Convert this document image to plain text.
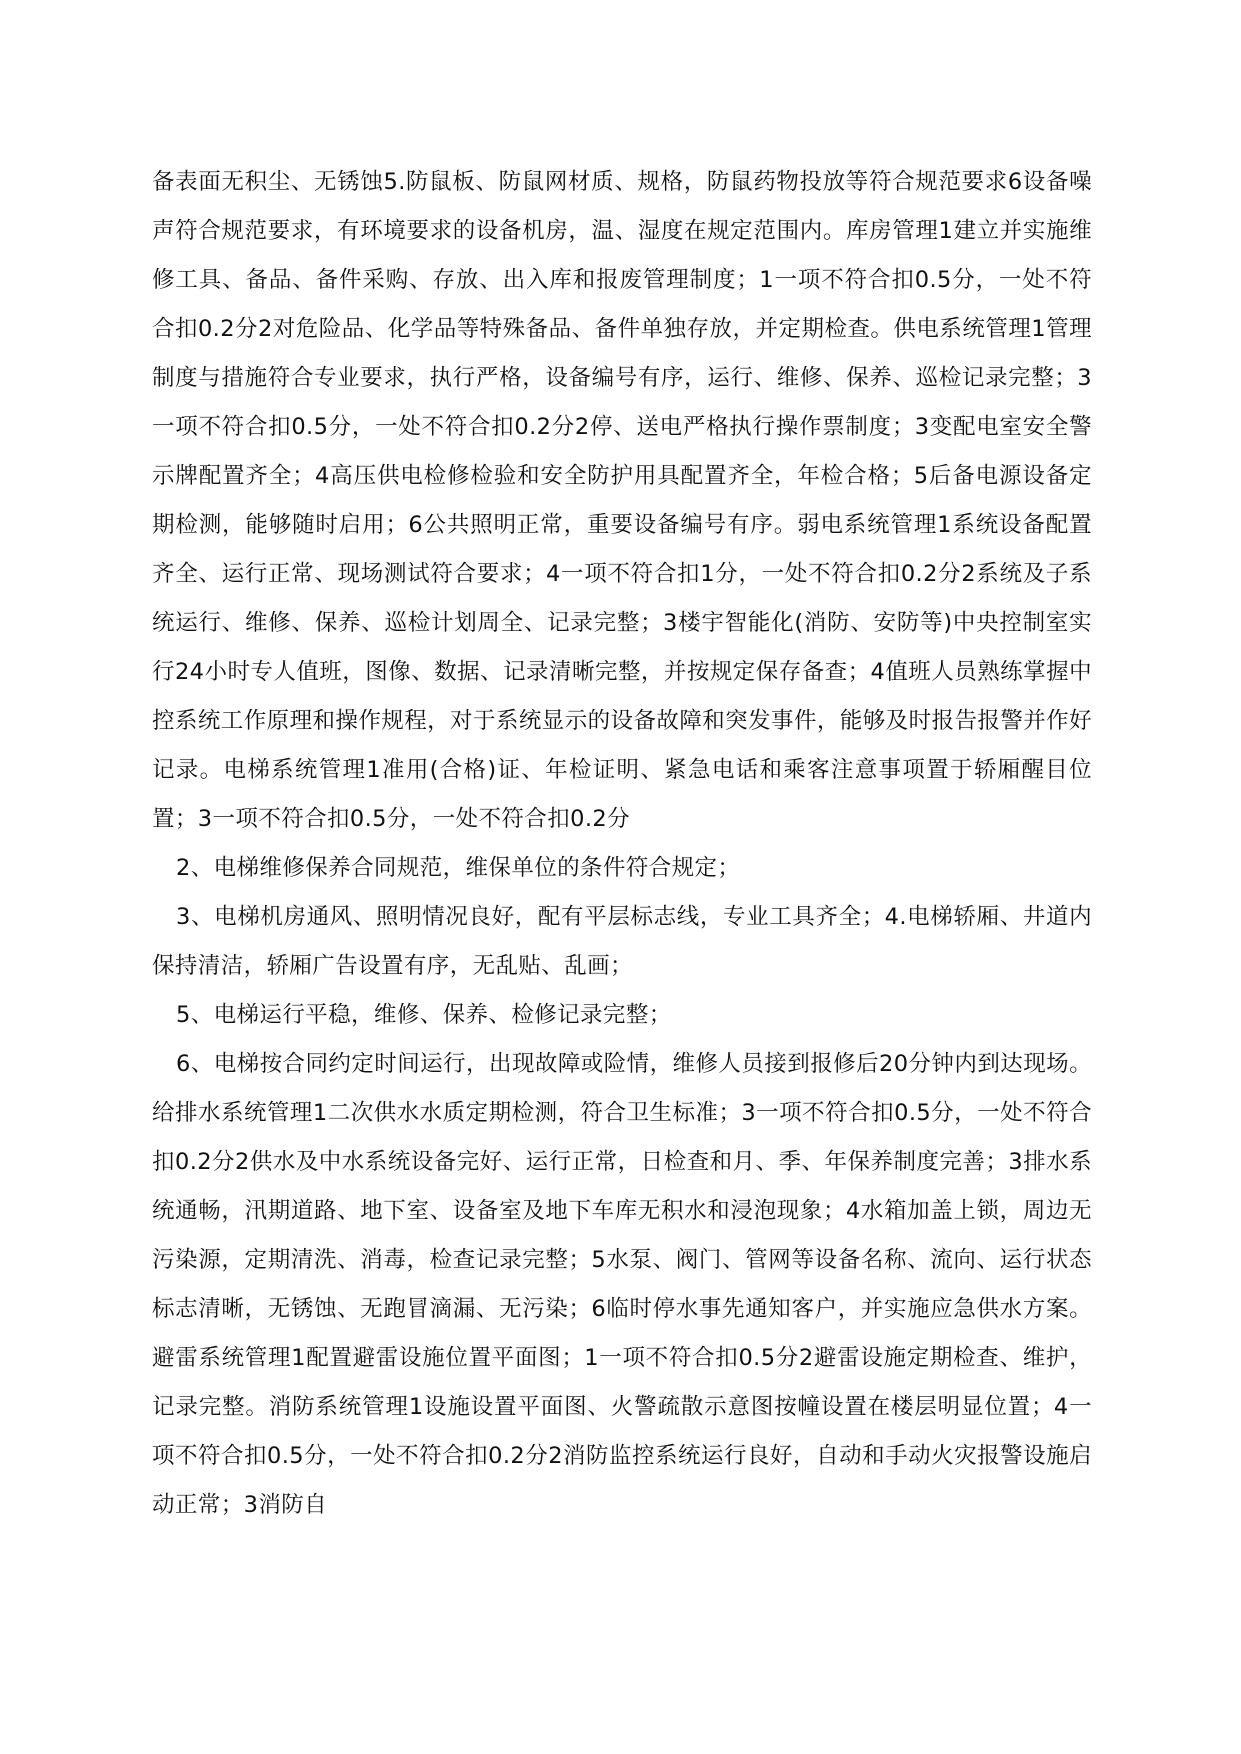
备表面无积尘、无锈蚀5.防鼠板、防鼠网材质、规格，防鼠药物投放等符合规范要求6设备噪声符合规范要求，有环境要求的设备机房，温、湿度在规定范围内。库房管理1建立并实施维修工具、备品、备件采购、存放、出入库和报废管理制度；1一项不符合扣0.5分，一处不符合扣0.2分2对危险品、化学品等特殊备品、备件单独存放，并定期检查。供电系统管理1管理制度与措施符合专业要求，执行严格，设备编号有序，运行、维修、保养、巡检记录完整；3一项不符合扣0.5分，一处不符合扣0.2分2停、送电严格执行操作票制度；3变配电室安全警示牌配置齐全；4高压供电检修检验和安全防护用具配置齐全，年检合格；5后备电源设备定期检测，能够随时启用；6公共照明正常，重要设备编号有序。弱电系统管理1系统设备配置齐全、运行正常、现场测试符合要求；4一项不符合扣1分，一处不符合扣0.2分2系统及子系统运行、维修、保养、巡检计划周全、记录完整；3楼宇智能化(消防、安防等)中央控制室实行24小时专人值班，图像、数据、记录清晰完整，并按规定保存备查；4值班人员熟练掌握中控系统工作原理和操作规程，对于系统显示的设备故障和突发事件，能够及时报告报警并作好记录。电梯系统管理1准用(合格)证、年检证明、紧急电话和乘客注意事项置于轿厢醒目位置；3一项不符合扣0.5分，一处不符合扣0.2分

2、电梯维修保养合同规范，维保单位的条件符合规定；

3、电梯机房通风、照明情况良好，配有平层标志线，专业工具齐全；4.电梯轿厢、井道内保持清洁，轿厢广告设置有序，无乱贴、乱画；

5、电梯运行平稳，维修、保养、检修记录完整；

6、电梯按合同约定时间运行，出现故障或险情，维修人员接到报修后20分钟内到达现场。给排水系统管理1二次供水水质定期检测，符合卫生标准；3一项不符合扣0.5分，一处不符合扣0.2分2供水及中水系统设备完好、运行正常，日检查和月、季、年保养制度完善；3排水系统通畅，汛期道路、地下室、设备室及地下车库无积水和浸泡现象；4水箱加盖上锁，周边无污染源，定期清洗、消毒，检查记录完整；5水泵、阀门、管网等设备名称、流向、运行状态标志清晰，无锈蚀、无跑冒滴漏、无污染；6临时停水事先通知客户，并实施应急供水方案。避雷系统管理1配置避雷设施位置平面图；1一项不符合扣0.5分2避雷设施定期检查、维护，记录完整。消防系统管理1设施设置平面图、火警疏散示意图按幢设置在楼层明显位置；4一项不符合扣0.5分，一处不符合扣0.2分2消防监控系统运行良好，自动和手动火灾报警设施启动正常；3消防自
